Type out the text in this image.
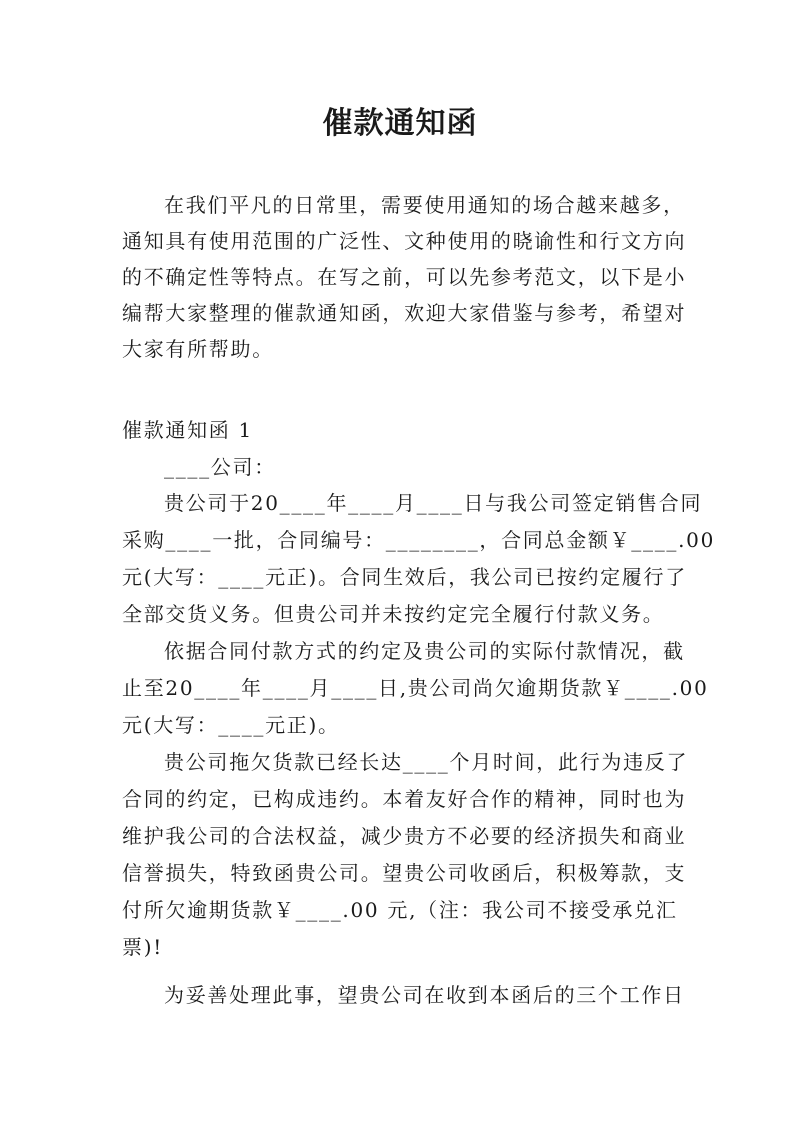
催款通知函
在我们平凡的日常里，需要使用通知的场合越来越多，
通知具有使用范围的广泛性、文种使用的晓谕性和行文方向
的不确定性等特点。在写之前，可以先参考范文，以下是小
编帮大家整理的催款通知函，欢迎大家借鉴与参考，希望对
大家有所帮助。
催款通知函 1
____公司：
贵公司于20____年____月____日与我公司签定销售合同
采购____一批，合同编号：________，合同总金额￥____.00
元(大写：____元正)。合同生效后，我公司已按约定履行了
全部交货义务。但贵公司并未按约定完全履行付款义务。
依据合同付款方式的约定及贵公司的实际付款情况，截
止至20____年____月____日,贵公司尚欠逾期货款￥____.00
元(大写：____元正)。
贵公司拖欠货款已经长达____个月时间，此行为违反了
合同的约定，已构成违约。本着友好合作的精神，同时也为
维护我公司的合法权益，减少贵方不必要的经济损失和商业
信誉损失，特致函贵公司。望贵公司收函后，积极筹款，支
付所欠逾期货款￥____.00 元,（注：我公司不接受承兑汇
票)!
为妥善处理此事，望贵公司在收到本函后的三个工作日
